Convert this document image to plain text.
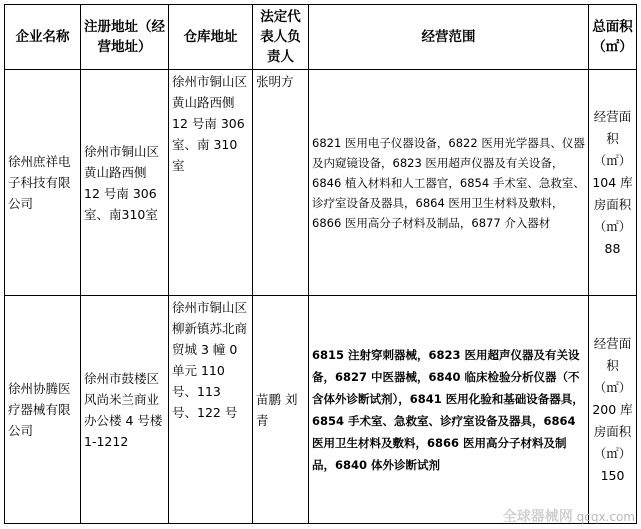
企业名称	注册地址（经营地址）	仓库地址	法定代表人负责人	经营范围	总面积（㎡）
徐州庶祥电子科技有限公司	徐州市铜山区黄山路西侧 12 号南 306室、南310室	徐州市铜山区黄山路西侧 12 号南 306 室、南 310 室	张明方	6821 医用电子仪器设备，6822 医用光学器具、仪器及内窥镜设备，6823 医用超声仪器及有关设备，6846 植入材料和人工器官，6854 手术室、急救室、诊疗室设备及器具，6864 医用卫生材料及敷料，6866 医用高分子材料及制品，6877 介入器材	经营面积（㎡）104 库房面积（㎡）88
徐州协腾医疗器械有限公司	徐州市鼓楼区风尚米兰商业办公楼 4 号楼 1-1212	徐州市铜山区柳新镇苏北商贸城 3 幢 0 单元 110 号、113 号、122 号	苗鹏 刘青	6815 注射穿刺器械，6823 医用超声仪器及有关设备，6827 中医器械，6840 临床检验分析仪器（不含体外诊断试剂），6841 医用化验和基础设备器具，6854 手术室、急救室、诊疗室设备及器具，6864 医用卫生材料及敷料，6866 医用高分子材料及制品，6840 体外诊断试剂	经营面积（㎡）200 库房面积（㎡）150
全球器械网 qcqx.com
